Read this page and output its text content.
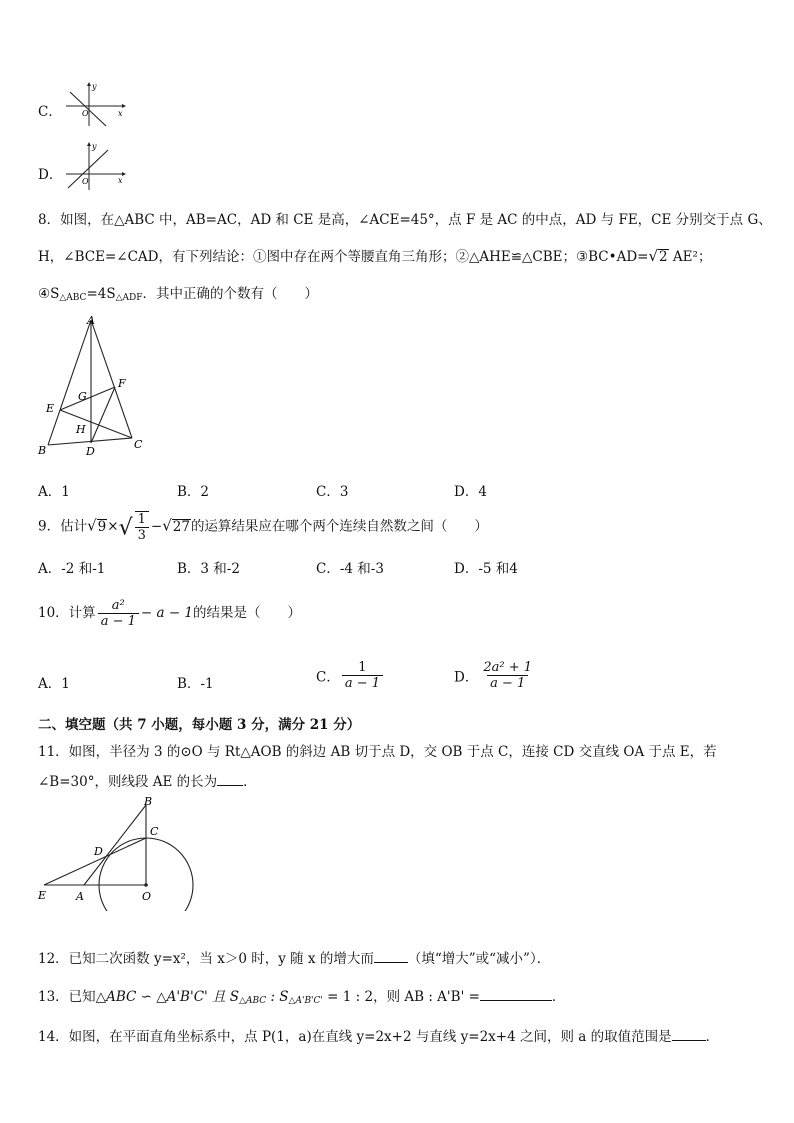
C．
y
x
O
D．
y
x
O
8．如图，在△ABC 中，AB=AC，AD 和 CE 是高，∠ACE=45°，点 F 是 AC 的中点，AD 与 FE，CE 分别交于点 G、
H，∠BCE=∠CAD，有下列结论：①图中存在两个等腰直角三角形；②△AHE≌△CBE；③BC•AD=√2 AE²；
$④S_{\triangle ABC}=4S_{\triangle ADF}$．其中正确的个数有（　　）
A
B	C
D
E
F
G
H
A．1	B．2	C．3	D．4
9．估计$√9\times√ \frac{1}{3} -√27$的运算结果应在哪个两个连续自然数之间（　　）
A．-2 和-1	B．3 和-2	C．-4 和-3	D．-5 和4
10．计算 $\frac{\text{a²}}{a - 1} - a - 1$的结果是（　　）
A．1	B．-1	C． $\frac{1}{a - 1}$	D． $\frac{\text{2a² + 1}}{a - 1}$
二、填空题（共 7 小题，每小题 3 分，满分 21 分）
11．如图，半径为 3 的⊙O 与 Rt△AOB 的斜边 AB 切于点 D，交 OB 于点 C，连接 CD 交直线 OA 于点 E，若
∠B=30°，则线段 AE 的长为 ．
B
C
D
E	A	O
12．已知二次函数 y=x²，当 x＞0 时，y 随 x 的增大而	（填“增大”或“减小”）．
13．已知△ABC ∽ △A'B'C' 且 $S_{\triangle ABC}$ : $S_{\triangle A'B'C'} = 1$ : 2，则 AB : A'B' =	．
14．如图，在平面直角坐标系中，点 P(1，a)在直线 y=2x+2 与直线 y=2x+4 之间，则 a 的取值范围是	．
